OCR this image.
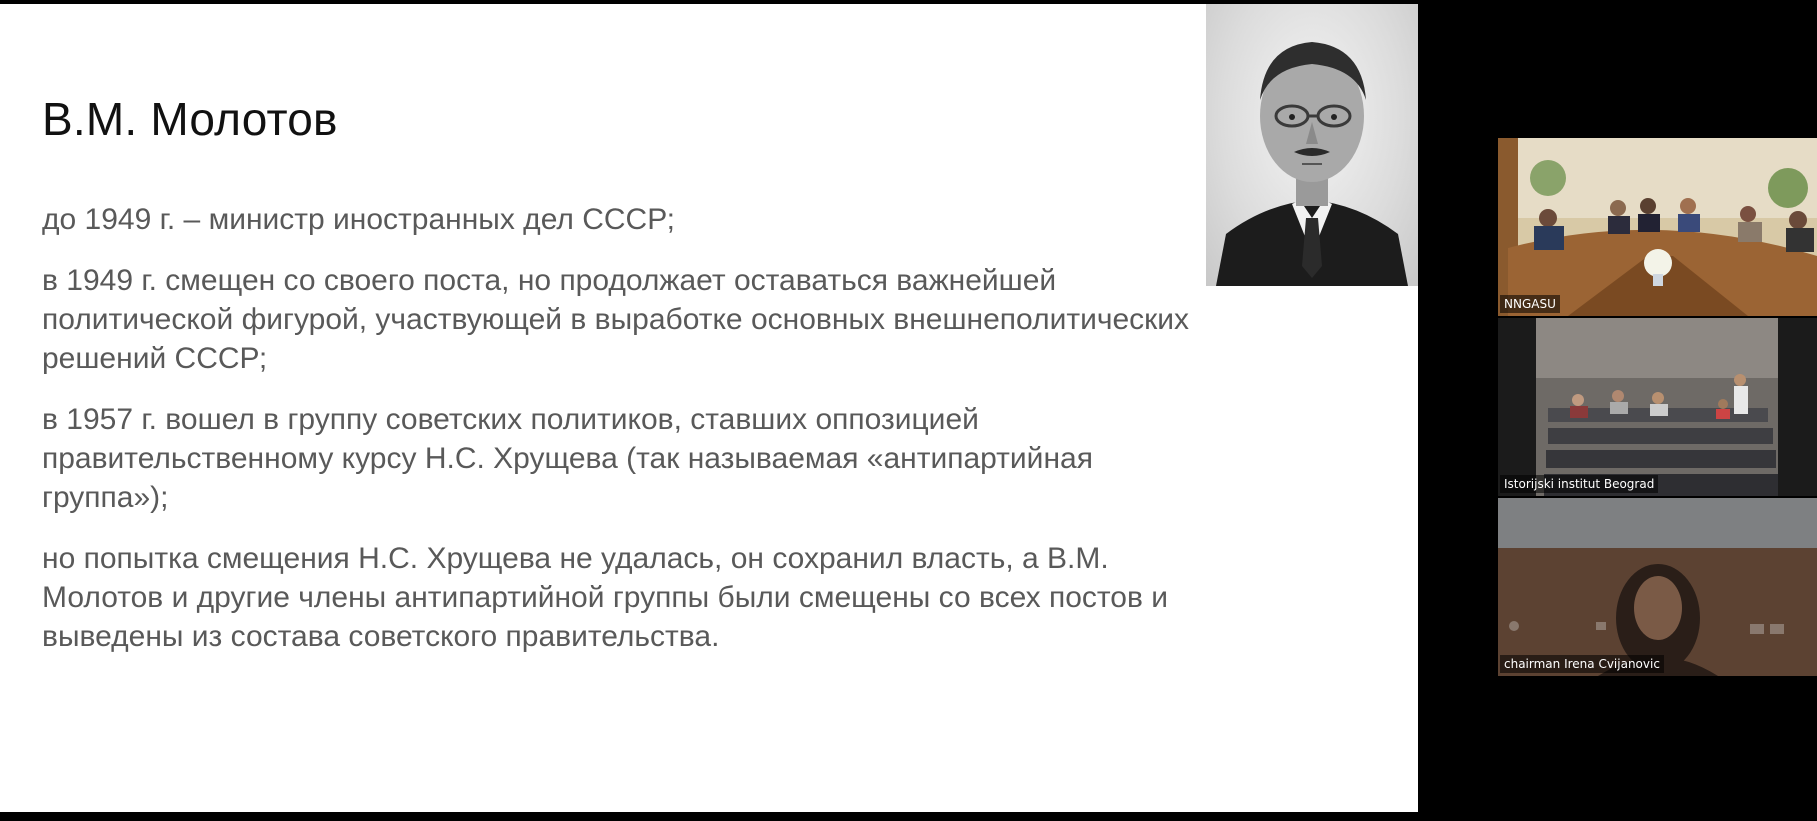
В.М. Молотов

до 1949 г. – министр иностранных дел СССР;

в 1949 г. смещен со своего поста, но продолжает оставаться важнейшей политической фигурой, участвующей в выработке основных внешнеполитических решений СССР;

в 1957 г. вошел в группу советских политиков, ставших оппозицией правительственному курсу Н.С. Хрущева (так называемая «антипартийная группа»);

но попытка смещения Н.С. Хрущева не удалась, он сохранил власть, а В.М. Молотов и другие члены антипартийной группы были смещены со всех постов и выведены из состава советского правительства.

NNGASU
Istorijski institut Beograd
chairman Irena Cvijanovic
